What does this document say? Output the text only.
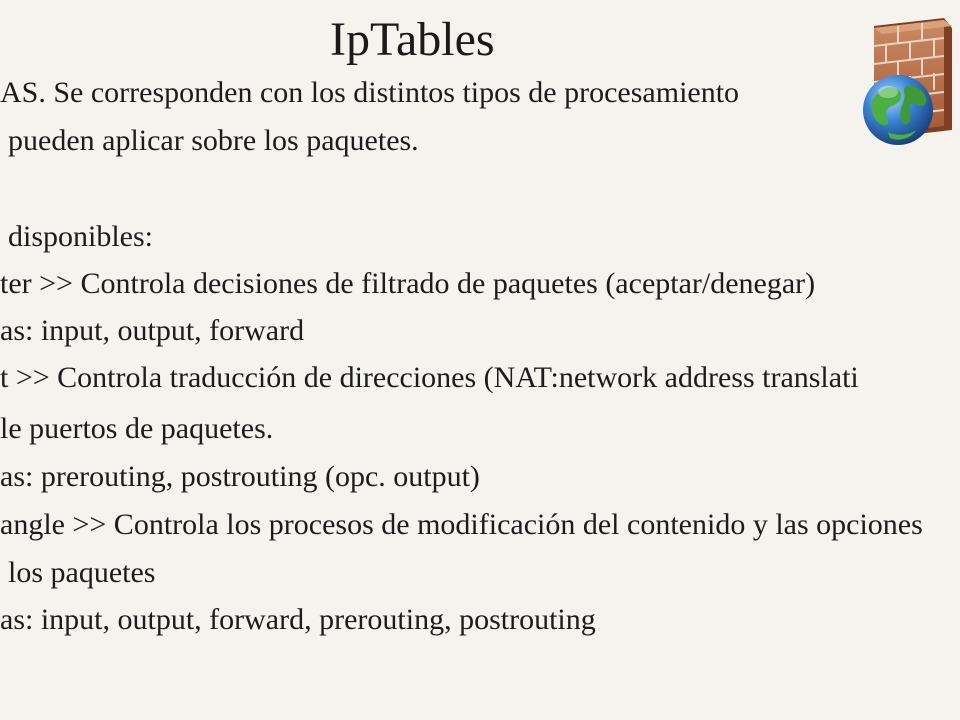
IpTables

AS. Se corresponden con los distintos tipos de procesamiento

pueden aplicar sobre los paquetes.

disponibles:

ter >> Controla decisiones de filtrado de paquetes (aceptar/denegar)

as: input, output, forward

t >> Controla traducción de direcciones (NAT:network address translati

le puertos de paquetes.

as: prerouting, postrouting (opc. output)

angle >> Controla los procesos de modificación del contenido y las opciones

los paquetes

as: input, output, forward, prerouting, postrouting
